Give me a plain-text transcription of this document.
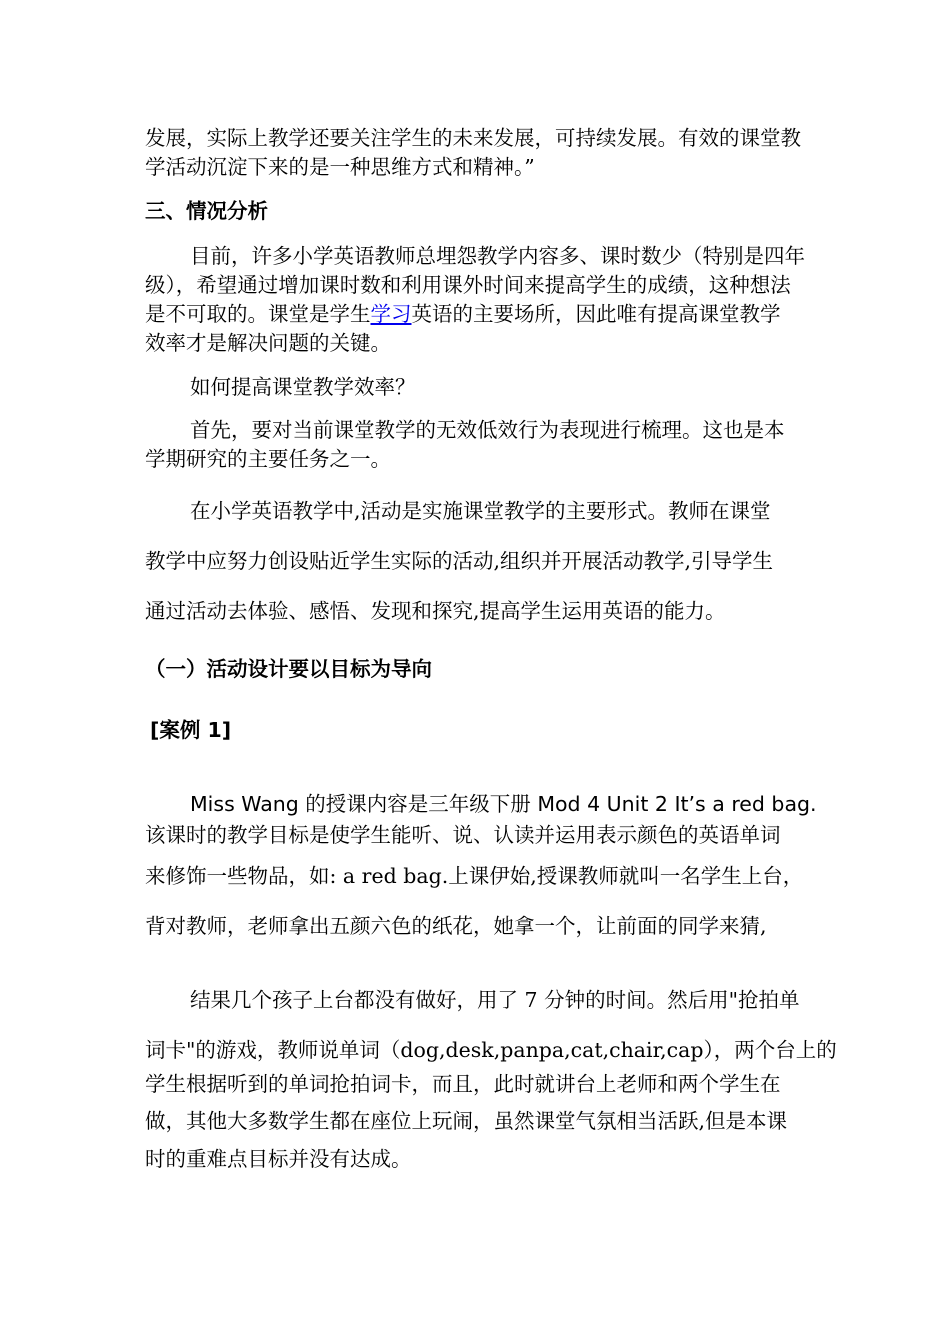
发展，实际上教学还要关注学生的未来发展，可持续发展。有效的课堂教
学活动沉淀下来的是一种思维方式和精神。”
三、情况分析
目前，许多小学英语教师总埋怨教学内容多、课时数少（特别是四年
级），希望通过增加课时数和利用课外时间来提高学生的成绩，这种想法
是不可取的。课堂是学生学习英语的主要场所，因此唯有提高课堂教学
效率才是解决问题的关键。
如何提高课堂教学效率？
首先，要对当前课堂教学的无效低效行为表现进行梳理。这也是本
学期研究的主要任务之一。
在小学英语教学中,活动是实施课堂教学的主要形式。教师在课堂
教学中应努力创设贴近学生实际的活动,组织并开展活动教学,引导学生
通过活动去体验、感悟、发现和探究,提高学生运用英语的能力。
（一）活动设计要以目标为导向
[案例 1]
Miss Wang 的授课内容是三年级下册 Mod 4 Unit 2 It’s a red bag.
该课时的教学目标是使学生能听、说、认读并运用表示颜色的英语单词
来修饰一些物品，如: a red bag.上课伊始,授课教师就叫一名学生上台，
背对教师，老师拿出五颜六色的纸花，她拿一个，让前面的同学来猜,
结果几个孩子上台都没有做好，用了 7 分钟的时间。然后用"抢拍单
词卡"的游戏，教师说单词（dog,desk,panpa,cat,chair,cap），两个台上的
学生根据听到的单词抢拍词卡，而且，此时就讲台上老师和两个学生在
做，其他大多数学生都在座位上玩闹，虽然课堂气氛相当活跃,但是本课
时的重难点目标并没有达成。
